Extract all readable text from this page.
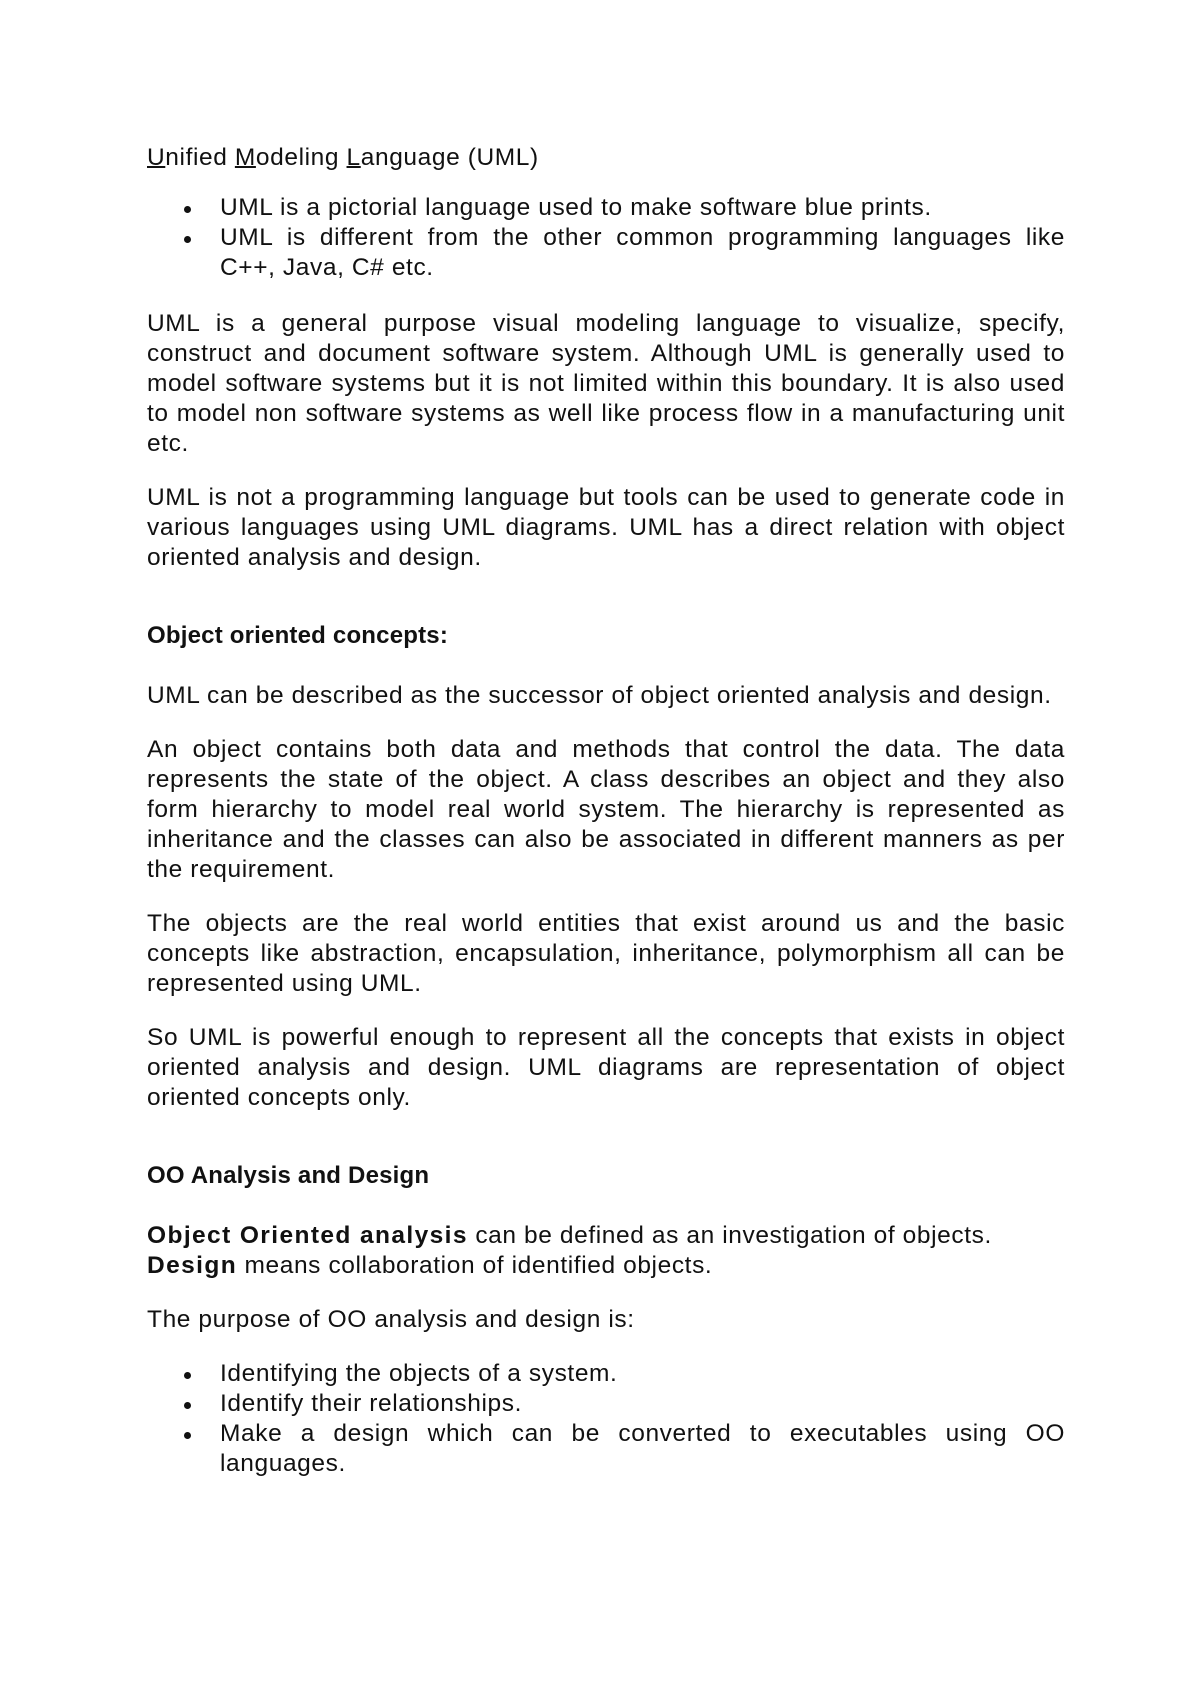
Unified Modeling Language (UML)
UML is a pictorial language used to make software blue prints.
UML is different from the other common programming languages like C++, Java, C# etc.

UML is a general purpose visual modeling language to visualize, specify, construct and document software system. Although UML is generally used to model software systems but it is not limited within this boundary. It is also used to model non software systems as well like process flow in a manufacturing unit etc.

UML is not a programming language but tools can be used to generate code in various languages using UML diagrams. UML has a direct relation with object oriented analysis and design.

Object oriented concepts:

UML can be described as the successor of object oriented analysis and design.

An object contains both data and methods that control the data. The data represents the state of the object. A class describes an object and they also form hierarchy to model real world system. The hierarchy is represented as inheritance and the classes can also be associated in different manners as per the requirement.

The objects are the real world entities that exist around us and the basic concepts like abstraction, encapsulation, inheritance, polymorphism all can be represented using UML.

So UML is powerful enough to represent all the concepts that exists in object oriented analysis and design. UML diagrams are representation of object oriented concepts only.

OO Analysis and Design

Object Oriented analysis can be defined as an investigation of objects.
Design means collaboration of identified objects.

The purpose of OO analysis and design is:

Identifying the objects of a system.
Identify their relationships.
Make a design which can be converted to executables using OO languages.
